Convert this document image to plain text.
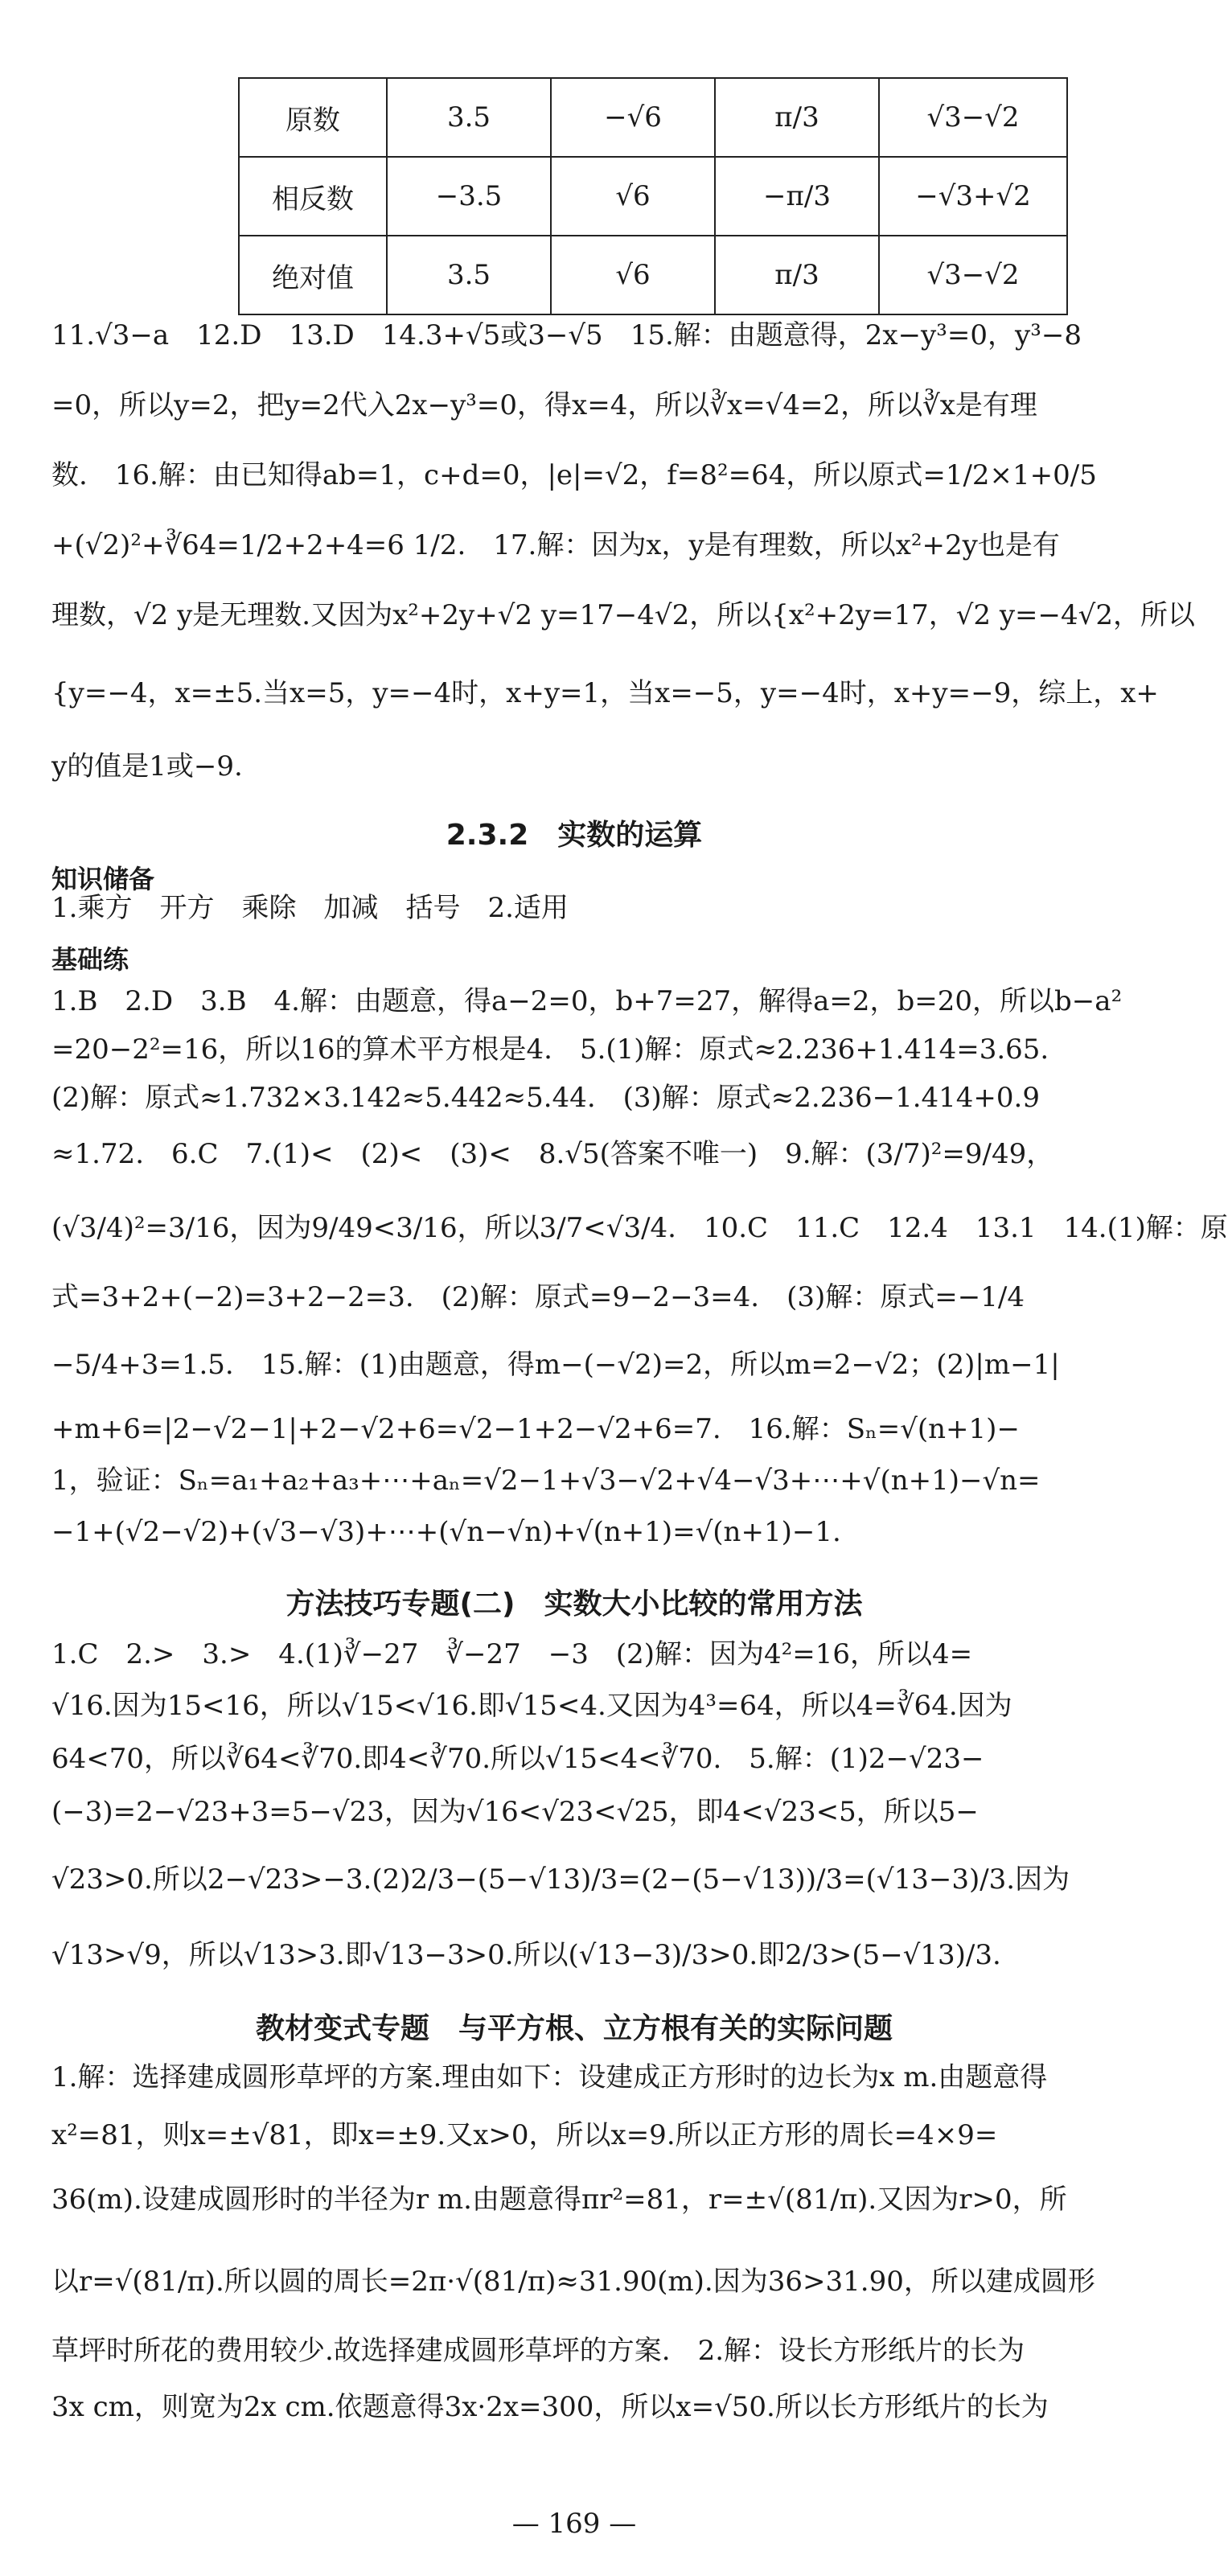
原数	3.5	−√6	π/3	√3−√2
相反数	−3.5	√6	−π/3	−√3+√2
绝对值	3.5	√6	π/3	√3−√2
11.√3−a　12.D　13.D　14.3+√5或3−√5　15.解：由题意得，2x−y³=0，y³−8
=0，所以y=2，把y=2代入2x−y³=0，得x=4，所以∛x=√4=2，所以∛x是有理
数.　16.解：由已知得ab=1，c+d=0，|e|=√2，f=8²=64，所以原式=1/2×1+0/5
+(√2)²+∛64=1/2+2+4=6 1/2.　17.解：因为x，y是有理数，所以x²+2y也是有
理数，√2 y是无理数.又因为x²+2y+√2 y=17−4√2，所以{x²+2y=17，√2 y=−4√2，所以
{y=−4，x=±5.当x=5，y=−4时，x+y=1，当x=−5，y=−4时，x+y=−9，综上，x+
y的值是1或−9.
2.3.2　实数的运算
知识储备
1.乘方　开方　乘除　加减　括号　2.适用
基础练
1.B　2.D　3.B　4.解：由题意，得a−2=0，b+7=27，解得a=2，b=20，所以b−a²
=20−2²=16，所以16的算术平方根是4.　5.(1)解：原式≈2.236+1.414=3.65.
(2)解：原式≈1.732×3.142≈5.442≈5.44.　(3)解：原式≈2.236−1.414+0.9
≈1.72.　6.C　7.(1)<　(2)<　(3)<　8.√5(答案不唯一)　9.解：(3/7)²=9/49，
(√3/4)²=3/16，因为9/49<3/16，所以3/7<√3/4.　10.C　11.C　12.4　13.1　14.(1)解：原
式=3+2+(−2)=3+2−2=3.　(2)解：原式=9−2−3=4.　(3)解：原式=−1/4
−5/4+3=1.5.　15.解：(1)由题意，得m−(−√2)=2，所以m=2−√2；(2)|m−1|
+m+6=|2−√2−1|+2−√2+6=√2−1+2−√2+6=7.　16.解：Sₙ=√(n+1)−
1，验证：Sₙ=a₁+a₂+a₃+⋯+aₙ=√2−1+√3−√2+√4−√3+⋯+√(n+1)−√n=
−1+(√2−√2)+(√3−√3)+⋯+(√n−√n)+√(n+1)=√(n+1)−1.
方法技巧专题(二)　实数大小比较的常用方法
1.C　2.>　3.>　4.(1)∛−27　∛−27　−3　(2)解：因为4²=16，所以4=
√16.因为15<16，所以√15<√16.即√15<4.又因为4³=64，所以4=∛64.因为
64<70，所以∛64<∛70.即4<∛70.所以√15<4<∛70.　5.解：(1)2−√23−
(−3)=2−√23+3=5−√23，因为√16<√23<√25，即4<√23<5，所以5−
√23>0.所以2−√23>−3.(2)2/3−(5−√13)/3=(2−(5−√13))/3=(√13−3)/3.因为
√13>√9，所以√13>3.即√13−3>0.所以(√13−3)/3>0.即2/3>(5−√13)/3.
教材变式专题　与平方根、立方根有关的实际问题
1.解：选择建成圆形草坪的方案.理由如下：设建成正方形时的边长为x m.由题意得
x²=81，则x=±√81，即x=±9.又x>0，所以x=9.所以正方形的周长=4×9=
36(m).设建成圆形时的半径为r m.由题意得πr²=81，r=±√(81/π).又因为r>0，所
以r=√(81/π).所以圆的周长=2π·√(81/π)≈31.90(m).因为36>31.90，所以建成圆形
草坪时所花的费用较少.故选择建成圆形草坪的方案.　2.解：设长方形纸片的长为
3x cm，则宽为2x cm.依题意得3x·2x=300，所以x=√50.所以长方形纸片的长为
— 169 —
